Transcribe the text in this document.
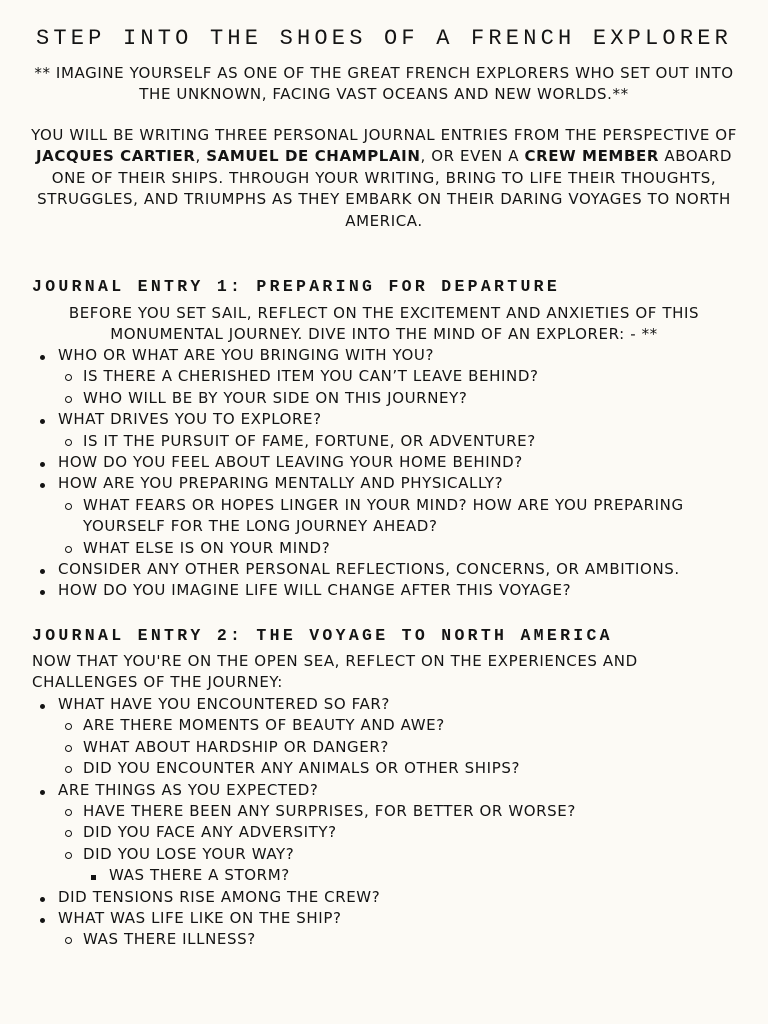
STEP INTO THE SHOES OF A FRENCH EXPLORER

** IMAGINE YOURSELF AS ONE OF THE GREAT FRENCH EXPLORERS WHO SET OUT INTO THE UNKNOWN, FACING VAST OCEANS AND NEW WORLDS.**

YOU WILL BE WRITING THREE PERSONAL JOURNAL ENTRIES FROM THE PERSPECTIVE OF JACQUES CARTIER, SAMUEL DE CHAMPLAIN, OR EVEN A CREW MEMBER ABOARD ONE OF THEIR SHIPS. THROUGH YOUR WRITING, BRING TO LIFE THEIR THOUGHTS, STRUGGLES, AND TRIUMPHS AS THEY EMBARK ON THEIR DARING VOYAGES TO NORTH AMERICA.

JOURNAL ENTRY 1: PREPARING FOR DEPARTURE

BEFORE YOU SET SAIL, REFLECT ON THE EXCITEMENT AND ANXIETIES OF THIS MONUMENTAL JOURNEY. DIVE INTO THE MIND OF AN EXPLORER: - **

WHO OR WHAT ARE YOU BRINGING WITH YOU?
IS THERE A CHERISHED ITEM YOU CAN’T LEAVE BEHIND?
WHO WILL BE BY YOUR SIDE ON THIS JOURNEY?
WHAT DRIVES YOU TO EXPLORE?
IS IT THE PURSUIT OF FAME, FORTUNE, OR ADVENTURE?
HOW DO YOU FEEL ABOUT LEAVING YOUR HOME BEHIND?
HOW ARE YOU PREPARING MENTALLY AND PHYSICALLY?
WHAT FEARS OR HOPES LINGER IN YOUR MIND? HOW ARE YOU PREPARING YOURSELF FOR THE LONG JOURNEY AHEAD?
WHAT ELSE IS ON YOUR MIND?
CONSIDER ANY OTHER PERSONAL REFLECTIONS, CONCERNS, OR AMBITIONS.
HOW DO YOU IMAGINE LIFE WILL CHANGE AFTER THIS VOYAGE?
JOURNAL ENTRY 2: THE VOYAGE TO NORTH AMERICA

NOW THAT YOU'RE ON THE OPEN SEA, REFLECT ON THE EXPERIENCES AND CHALLENGES OF THE JOURNEY:

WHAT HAVE YOU ENCOUNTERED SO FAR?
ARE THERE MOMENTS OF BEAUTY AND AWE?
WHAT ABOUT HARDSHIP OR DANGER?
DID YOU ENCOUNTER ANY ANIMALS OR OTHER SHIPS?
ARE THINGS AS YOU EXPECTED?
HAVE THERE BEEN ANY SURPRISES, FOR BETTER OR WORSE?
DID YOU FACE ANY ADVERSITY?
DID YOU LOSE YOUR WAY?
WAS THERE A STORM?
DID TENSIONS RISE AMONG THE CREW?
WHAT WAS LIFE LIKE ON THE SHIP?
WAS THERE ILLNESS?
